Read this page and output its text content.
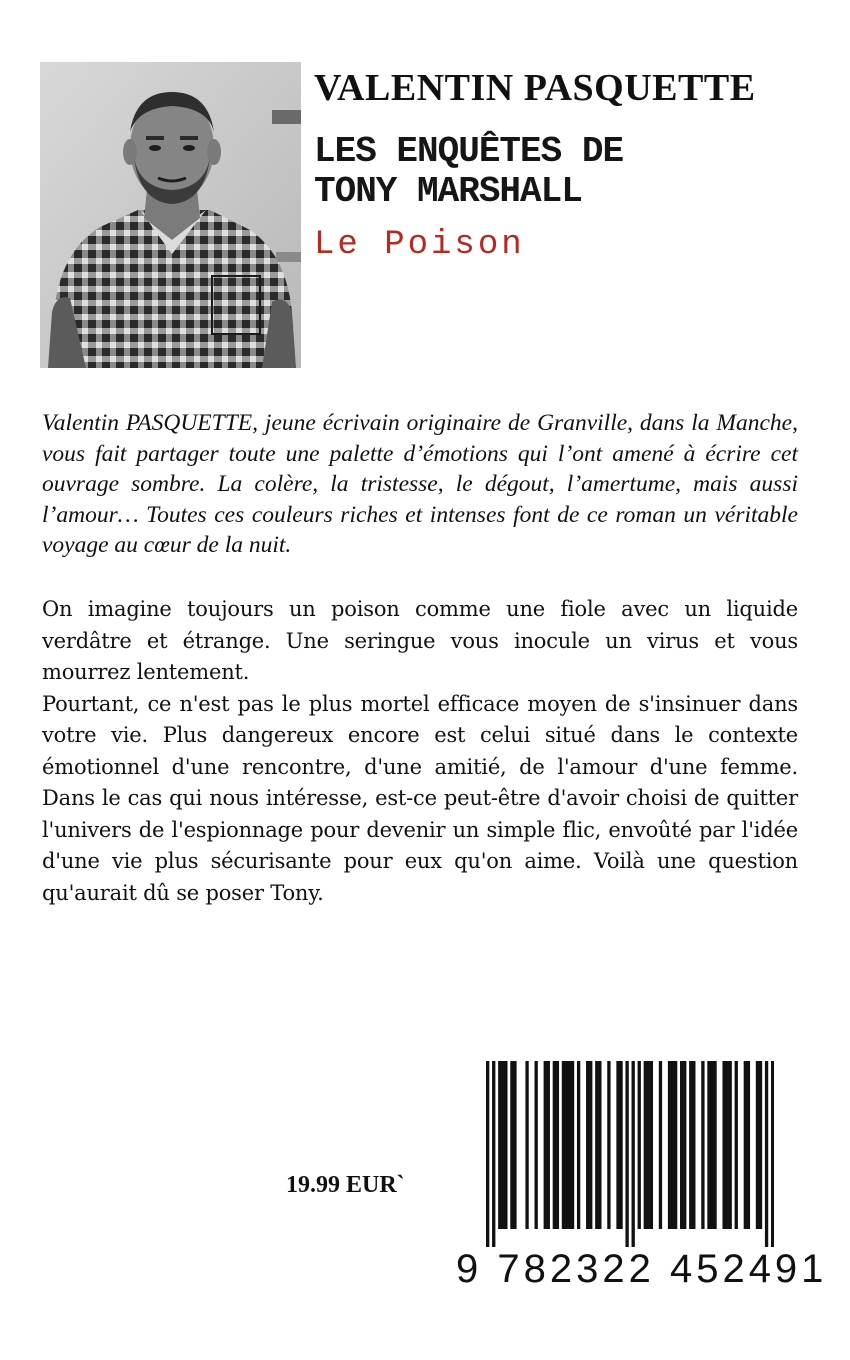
VALENTIN PASQUETTE
LES ENQUÊTES DE
TONY MARSHALL
Le Poison

Valentin PASQUETTE, jeune écrivain originaire de Granville, dans la Manche, vous fait partager toute une palette d’émotions qui l’ont amené à écrire cet ouvrage sombre. La colère, la tristesse, le dégout, l’amertume, mais aussi l’amour… Toutes ces couleurs riches et intenses font de ce roman un véritable voyage au cœur de la nuit.

On imagine toujours un poison comme une fiole avec un liquide verdâtre et étrange. Une seringue vous inocule un virus et vous mourrez lentement.

Pourtant, ce n'est pas le plus mortel efficace moyen de s'insinuer dans votre vie. Plus dangereux encore est celui situé dans le contexte émotionnel d'une rencontre, d'une amitié, de l'amour d'une femme. Dans le cas qui nous intéresse, est-ce peut-être d'avoir choisi de quitter l'univers de l'espionnage pour devenir un simple flic, envoûté par l'idée d'une vie plus sécurisante pour eux qu'on aime. Voilà une question qu'aurait dû se poser Tony.

19.99 EUR`
9 782322 452491
